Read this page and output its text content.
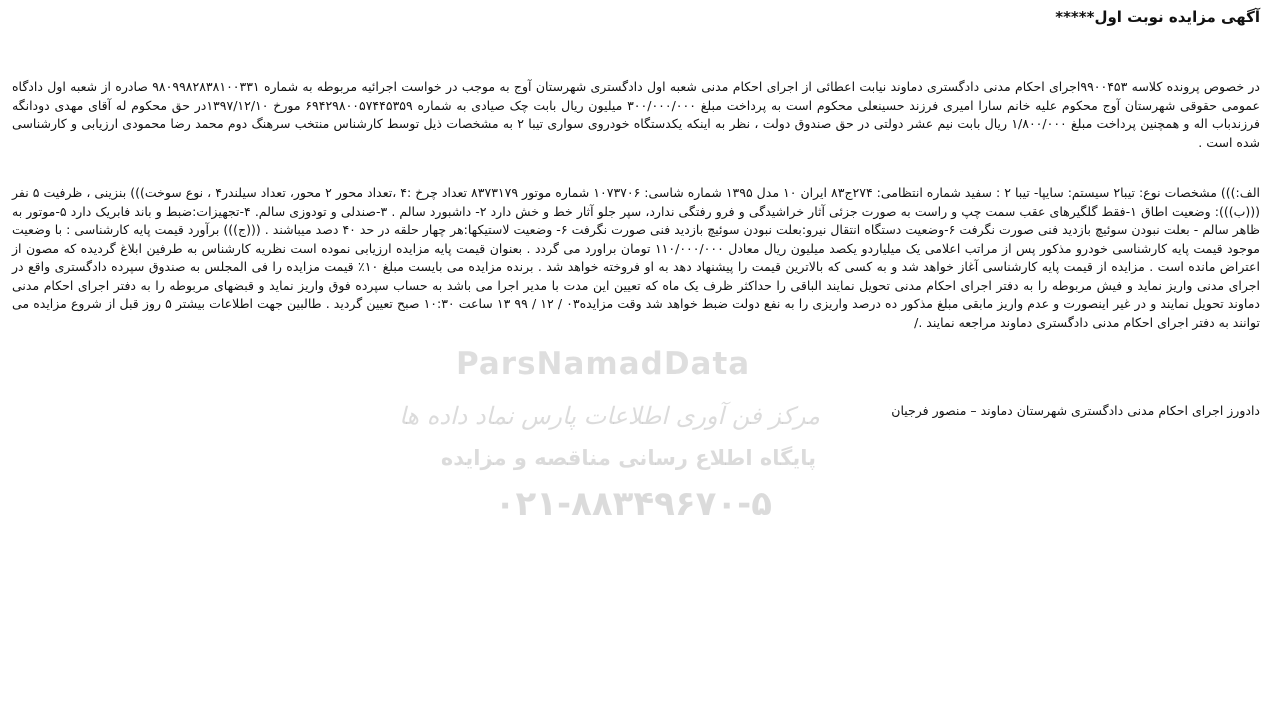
آگهی مزایده نوبت اول*****
در خصوص پرونده کلاسه ۹۹۰۰۴۵۳اجرای احکام مدنی دادگستری دماوند نیابت اعطائی از اجرای احکام مدنی شعبه اول دادگستری شهرستان آوج به موجب در خواست اجرائیه مربوطه به شماره ۹۸۰۹۹۸۲۸۳۸۱۰۰۳۳۱ صادره از شعبه اول دادگاه عمومی حقوقی شهرستان آوج محکوم علیه خانم سارا امیری فرزند حسینعلی محکوم است به پرداخت مبلغ ۳۰۰/۰۰۰/۰۰۰ میلیون ریال بابت چک صیادی به شماره ۶۹۴۲۹۸۰۰۵۷۴۴۵۳۵۹ مورخ ۱۳۹۷/۱۲/۱۰در حق محکوم له آقای مهدی دودانگه فرزندباب اله و همچنین پرداخت مبلغ ۱/۸۰۰/۰۰۰ ریال بابت نیم عشر دولتی در حق صندوق دولت ، نظر به اینکه یکدستگاه خودروی سواری تیبا ۲ به مشخصات ذیل توسط کارشناس منتخب سرهنگ دوم محمد رضا محمودی ارزیابی و کارشناسی شده است .
الف:))) مشخصات نوع: تیبا۲ سیستم: سایپا- تیبا ۲ : سفید شماره انتظامی: ۲۷۴ج۸۳ ایران ۱۰ مدل ۱۳۹۵ شماره شاسی: ۱۰۷۳۷۰۶ شماره موتور ۸۳۷۳۱۷۹ تعداد چرخ :۴ ،تعداد محور ۲ محور، تعداد سیلندر۴ ، نوع سوخت))) بنزینی ، ظرفیت ۵ نفر (((ب))): وضعیت اطاق ۱-فقط گلگیرهای عقب سمت چپ و راست به صورت جزئی آثار خراشیدگی و فرو رفتگی ندارد، سپر جلو آثار خط و خش دارد ۲- داشبورد سالم . ۳-صندلی و تودوزی سالم. ۴-تجهیزات:ضبط و باند فابریک دارد ۵-موتور به ظاهر سالم - بعلت نبودن سوئیچ بازدید فنی صورت نگرفت ۶-وضعیت دستگاه انتقال نیرو:بعلت نبودن سوئیچ بازدید فنی صورت نگرفت ۶- وضعیت لاستیکها:هر چهار حلقه در حد ۴۰ دصد میباشند . (((ج))) برآورد قیمت پایه کارشناسی : با وضعیت موجود قیمت پایه کارشناسی خودرو مذکور پس از مراتب اعلامی یک میلیاردو یکصد میلیون ریال معادل ۱۱۰/۰۰۰/۰۰۰ تومان براورد می گردد . بعنوان قیمت پایه مزایده ارزیابی نموده است نظریه کارشناس به طرفین ابلاغ گردیده که مصون از اعتراض مانده است . مزایده از قیمت پایه کارشناسی آغاز خواهد شد و به کسی که بالاترین قیمت را پیشنهاد دهد به او فروخته خواهد شد . برنده مزایده می بایست مبلغ ۱۰٪ قیمت مزایده را فی المجلس به صندوق سپرده دادگستری واقع در اجرای مدنی واریز نماید و فیش مربوطه را به دفتر اجرای احکام مدنی تحویل نمایند الباقی را حداکثر ظرف یک ماه که تعیین این مدت با مدیر اجرا می باشد به حساب سپرده فوق واریز نماید و قبضهای مربوطه را به دفتر اجرای احکام مدنی دماوند تحویل نمایند و در غیر اینصورت و عدم واریز مابقی مبلغ مذکور ده درصد واریزی را به نفع دولت ضبط خواهد شد وقت مزایده۰۳ / ۱۲ / ۹۹ ۱۳ ساعت ۱۰:۳۰ صبح تعیین گردید . طالبین جهت اطلاعات بیشتر ۵ روز قبل از شروع مزایده می توانند به دفتر اجرای احکام مدنی دادگستری دماوند مراجعه نمایند ./
دادورز اجرای احکام مدنی دادگستری شهرستان دماوند – منصور فرجیان
ParsNamadData
مرکز فن آوری اطلاعات پارس نماد داده ها
پایگاه اطلاع رسانی مناقصه و مزایده
۰۲۱-۸۸۳۴۹۶۷۰-۵
